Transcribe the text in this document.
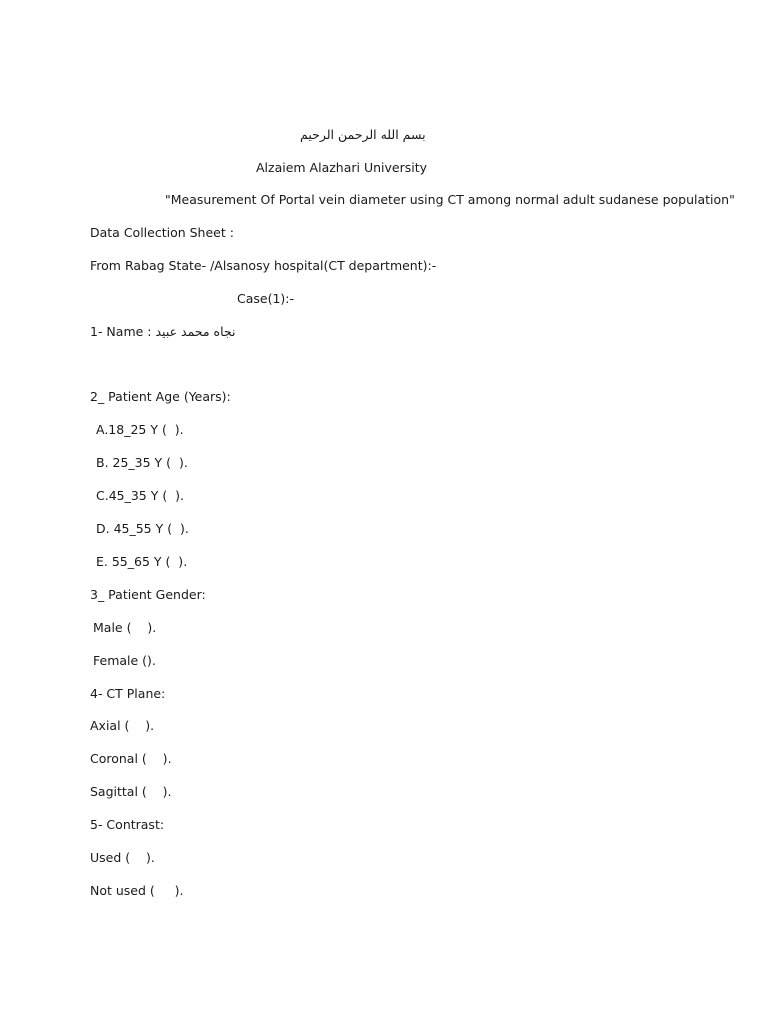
بسم الله الرحمن الرحيم

Alzaiem Alazhari University

"Measurement Of Portal vein diameter using CT among normal adult sudanese population"

Data Collection Sheet :

From Rabag State- /Alsanosy hospital(CT department):-

Case(1):-

1- Name : نجاه محمد عبيد

2_ Patient Age (Years):

A.18_25 Y (  ).

B. 25_35 Y (  ).

C.45_35 Y (  ).

D. 45_55 Y (  ).

E. 55_65 Y (  ).

3_ Patient Gender:

Male (    ).

Female ().

4- CT Plane:

Axial (    ).

Coronal (    ).

Sagittal (    ).

5- Contrast:

Used (    ).

Not used (     ).
